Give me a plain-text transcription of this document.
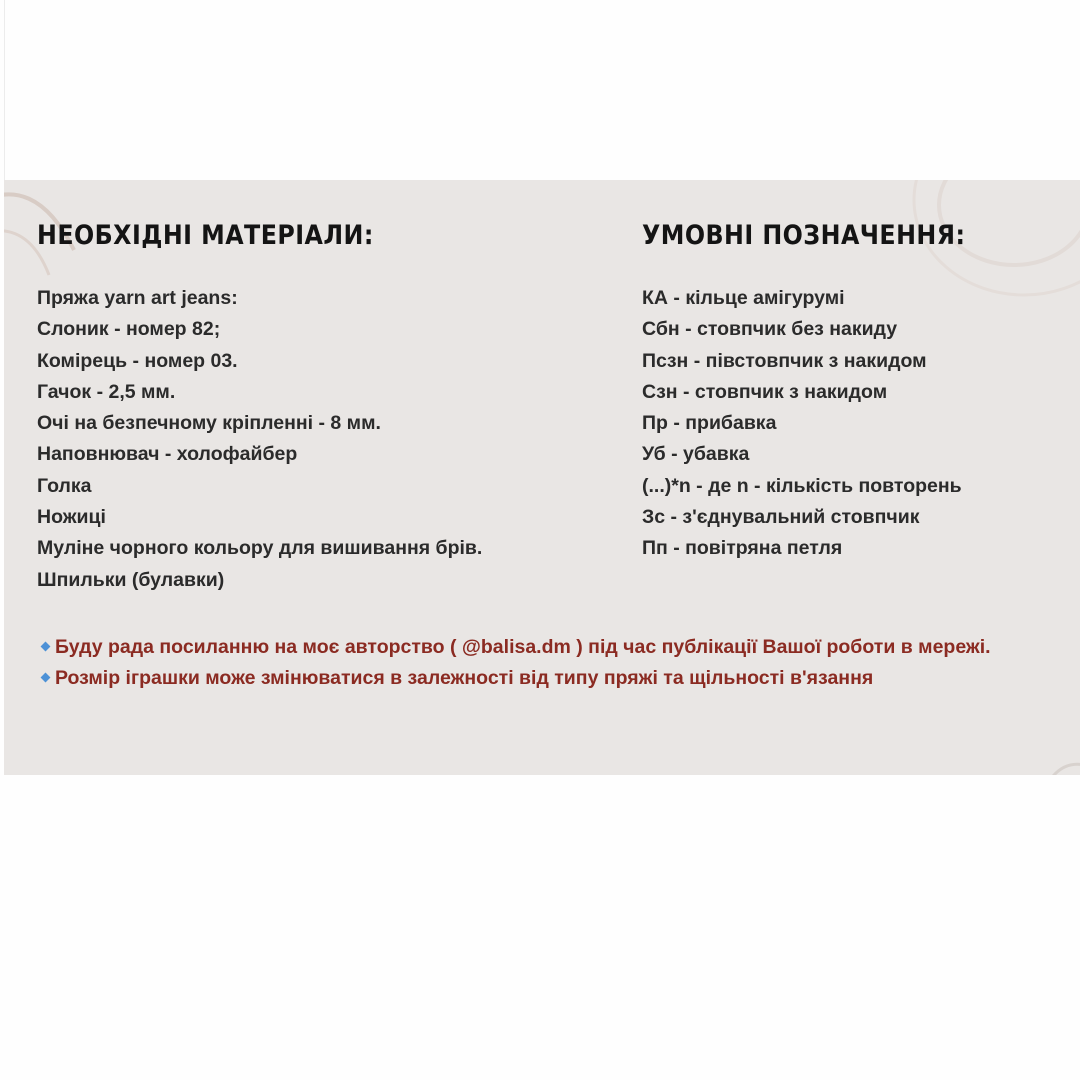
НЕОБХІДНІ МАТЕРІАЛИ:
Пряжа yarn art jeans:
Слоник - номер 82;
Комірець - номер 03.
Гачок - 2,5 мм.
Очі на безпечному кріпленні - 8 мм.
Наповнювач - холофайбер
Голка
Ножиці
Муліне чорного кольору для вишивання брів.
Шпильки (булавки)
УМОВНІ ПОЗНАЧЕННЯ:
КА - кільце амігурумі
Сбн - стовпчик без накиду
Псзн - півстовпчик з накидом
Сзн - стовпчик з накидом
Пр - прибавка
Уб - убавка
(...)*n - де n - кількість повторень
Зс - з'єднувальний стовпчик
Пп - повітряна петля
Буду рада посиланню на моє авторство ( @balisa.dm ) під час публікації Вашої роботи в мережі.
Розмір іграшки може змінюватися в залежності від типу пряжі та щільності в'язання
